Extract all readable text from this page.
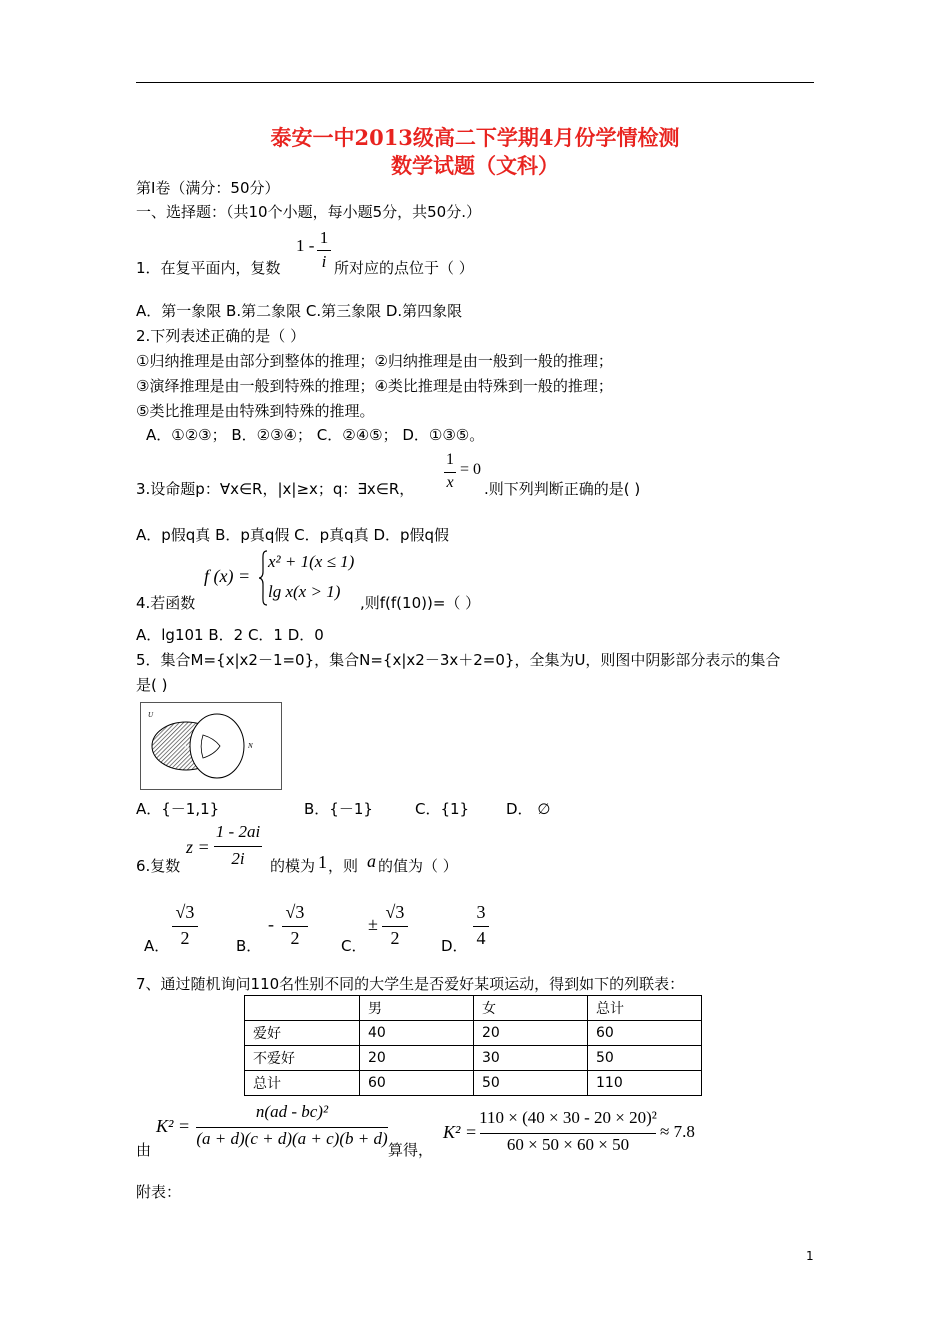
泰安一中2013级高二下学期4月份学情检测
数学试题（文科）
第Ⅰ卷（满分：50分）
一、选择题：（共10个小题，每小题5分，共50分.）
1．在复平面内，复数
1 - 1
i 所对应的点位于（ ）
A．第一象限 B.第二象限 C.第三象限 D.第四象限
2.下列表述正确的是（ ）
①归纳推理是由部分到整体的推理；②归纳推理是由一般到一般的推理；
③演绎推理是由一般到特殊的推理；④类比推理是由特殊到一般的推理；
⑤类比推理是由特殊到特殊的推理。
A．①②③； B．②③④； C．②④⑤； D．①③⑤。
3.设命题p：∀x∈R，|x|≥x；q：∃x∈R，
1
x
= 0
.则下列判断正确的是( )
A．p假q真 B．p真q假 C．p真q真 D．p假q假
4.若函数
f (x) =
x² + 1(x ≤ 1)
lg x(x > 1)
,则f(f(10))=（ ）
A．lg101 B．2 C．1 D．0
5．集合M={x|x2－1=0}，集合N={x|x2－3x＋2=0}，全集为U，则图中阴影部分表示的集合
是( )
U
M	N
A．{－1,1}	B．{－1}	C．{1} D． ∅
6.复数
z =
1 - 2ai
2i	的模为 1 ，则 a 的值为（ ）
A．
√3
2	B．
-
√3
2	C．
±
√3
2	D．
3
4
7、通过随机询问110名性别不同的大学生是否爱好某项运动，得到如下的列联表：
	男	女	总计
爱好	40	20	60
不爱好	20	30	50
总计	60	50	110
由
K² =
n(ad - bc)²
(a + d)(c + d)(a + c)(b + d)
算得，
K² =
110 × (40 × 30 - 20 × 20)²
60 × 50 × 60 × 50
≈ 7.8
附表：
1
